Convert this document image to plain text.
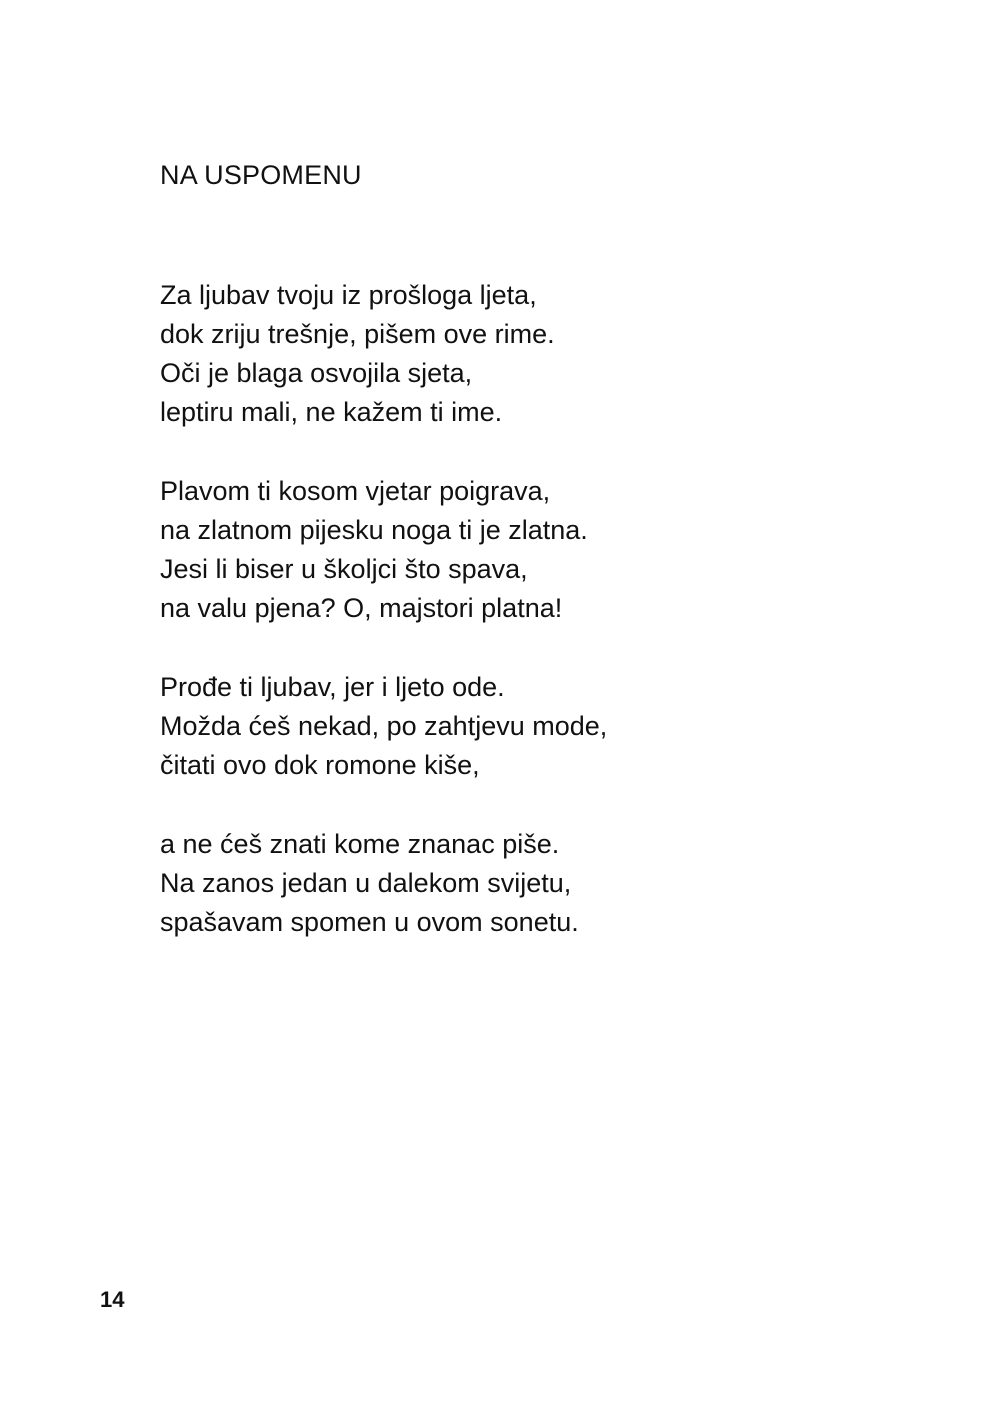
NA USPOMENU
Za ljubav tvoju iz prošloga ljeta,
dok zriju trešnje, pišem ove rime.
Oči je blaga osvojila sjeta,
leptiru mali, ne kažem ti ime.
Plavom ti kosom vjetar poigrava,
na zlatnom pijesku noga ti je zlatna.
Jesi li biser u školjci što spava,
na valu pjena? O, majstori platna!
Prođe ti ljubav, jer i ljeto ode.
Možda ćeš nekad, po zahtjevu mode,
čitati ovo dok romone kiše,
a ne ćeš znati kome znanac piše.
Na zanos jedan u dalekom svijetu,
spašavam spomen u ovom sonetu.
14
